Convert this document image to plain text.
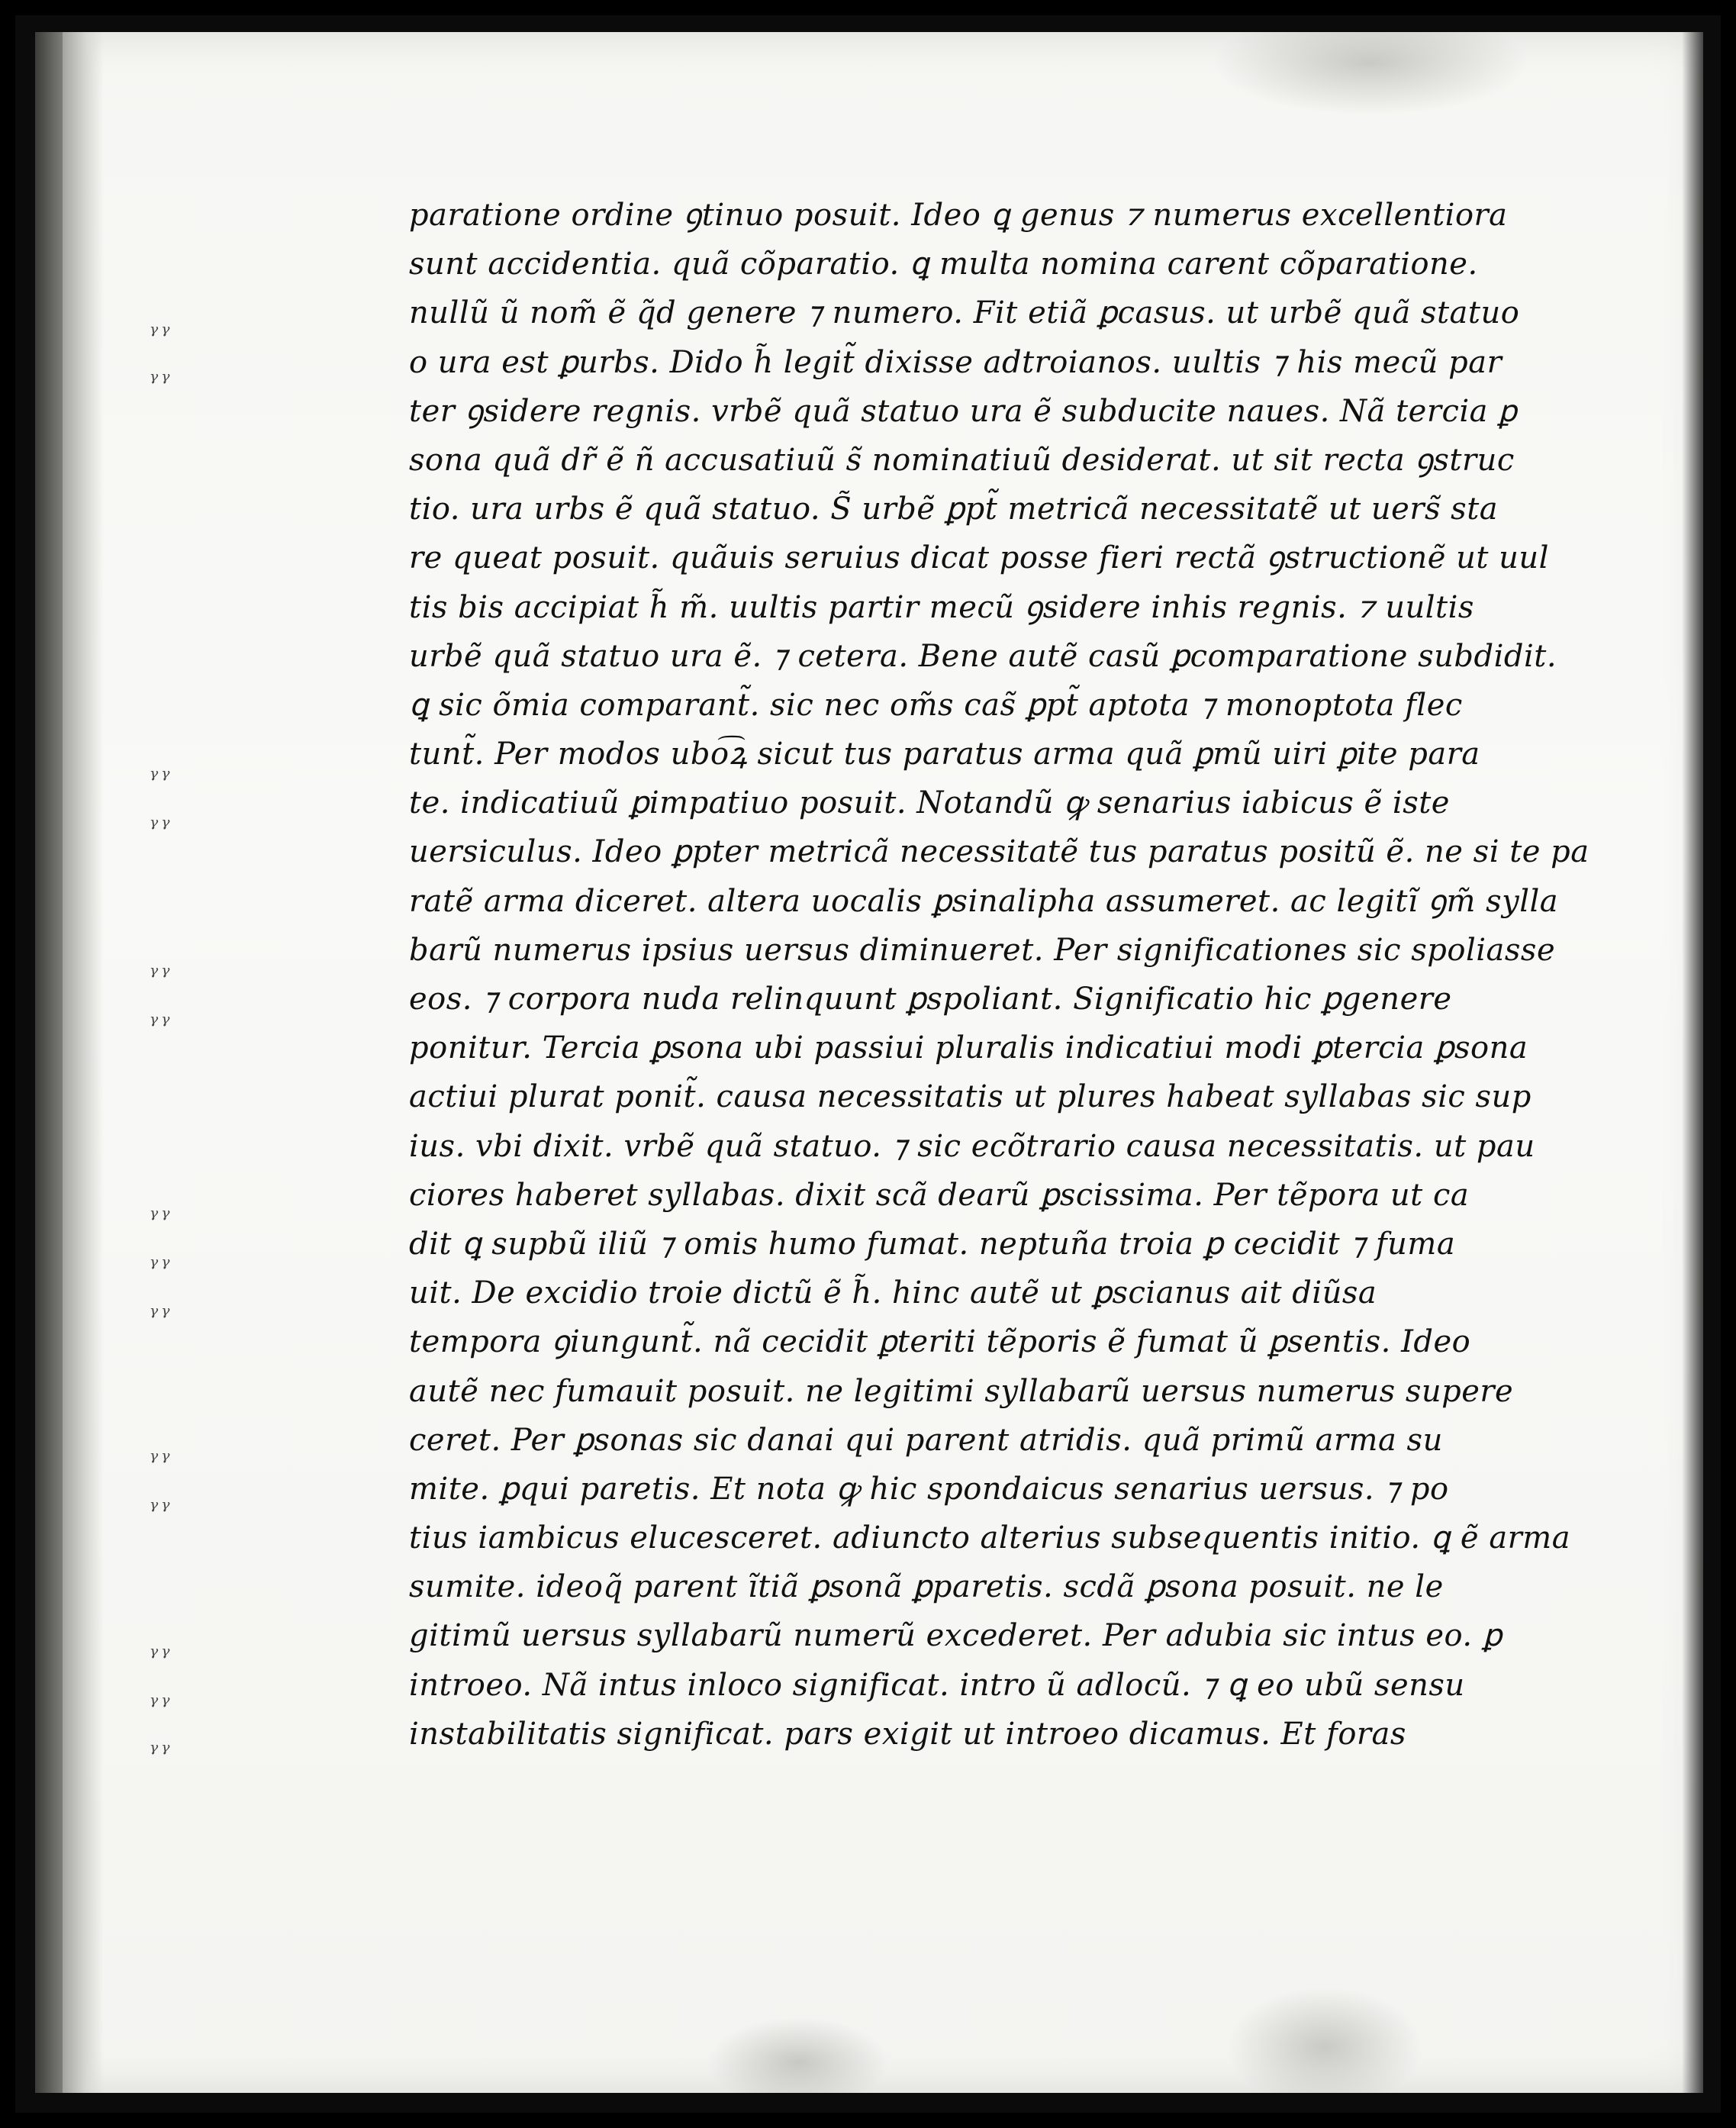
ᵞᵞ
ᵞᵞ
ᵞᵞ
ᵞᵞ
ᵞᵞ
ᵞᵞ
ᵞᵞ
ᵞᵞ
ᵞᵞ
ᵞᵞ
ᵞᵞ
ᵞᵞ
ᵞᵞ
ᵞᵞ
paratione ordine ꝯtinuo posuit. Ideo ꝗ genus ⁊ numerus excellentiora
sunt accidentia. quã cõparatio. ꝗ multa nomina carent cõparatione.
nullũ ũ nom̃ ẽ q̃d genere ⁊ numero. Fit etiã ꝑcasus. ut urbẽ quã statuo
o ura est ꝑurbs. Dido h̃ legit̃ dixisse adtroianos. uultis ⁊ his mecũ par
ter ꝯsidere regnis. vrbẽ quã statuo ura ẽ subducite naues. Nã tercia ꝑ
sona quã dr̃ ẽ ñ accusatiuũ s̃ nominatiuũ desiderat. ut sit recta ꝯstruc
tio. ura urbs ẽ quã statuo. S̃ urbẽ ꝑpt̃ metricã necessitatẽ ut uers̃ sta
re queat posuit. quãuis seruius dicat posse fieri rectã ꝯstructionẽ ut uul
tis bis accipiat h̃ m̃. uultis partir mecũ ꝯsidere inhis regnis. ⁊ uultis
urbẽ quã statuo ura ẽ. ⁊ cetera. Bene autẽ casũ ꝑcomparatione subdidit.
ꝗ sic õmia comparant̃. sic nec om̃s cas̃ ꝑpt̃ aptota ⁊ monoptota flec
tunt̃. Per modos ubo͡ꝝ sicut tus paratus arma quã ꝑmũ uiri ꝑite para
te. indicatiuũ ꝑimpatiuo posuit. Notandũ ꝙ senarius iabicus ẽ iste
uersiculus. Ideo ꝑpter metricã necessitatẽ tus paratus positũ ẽ. ne si te pa
ratẽ arma diceret. altera uocalis ꝑsinalipha assumeret. ac legitĩ ꝯm̃ sylla
barũ numerus ipsius uersus diminueret. Per significationes sic spoliasse
eos. ⁊ corpora nuda relinquunt ꝑspoliant. Significatio hic ꝑgenere
ponitur. Tercia ꝑsona ubi passiui pluralis indicatiui modi ꝑtercia ꝑsona
actiui plurat ponit̃. causa necessitatis ut plures habeat syllabas sic sup
ius. vbi dixit. vrbẽ quã statuo. ⁊ sic ecõtrario causa necessitatis. ut pau
ciores haberet syllabas. dixit scã dearũ ꝑscissima. Per tẽpora ut ca
dit ꝗ supbũ iliũ ⁊ omis humo fumat. neptuña troia ꝑ cecidit ⁊ fuma
uit. De excidio troie dictũ ẽ h̃. hinc autẽ ut ꝑscianus ait diũsa
tempora ꝯiungunt̃. nã cecidit ꝑteriti tẽporis ẽ fumat ũ ꝑsentis. Ideo
autẽ nec fumauit posuit. ne legitimi syllabarũ uersus numerus supere
ceret. Per ꝑsonas sic danai qui parent atridis. quã primũ arma su
mite. ꝑqui paretis. Et nota ꝙ hic spondaicus senarius uersus. ⁊ po
tius iambicus elucesceret. adiuncto alterius subsequentis initio. ꝗ ẽ arma
sumite. ideoq̃ parent ĩtiã ꝑsonã ꝑparetis. scdã ꝑsona posuit. ne le
gitimũ uersus syllabarũ numerũ excederet. Per adubia sic intus eo. ꝑ
introeo. Nã intus inloco significat. intro ũ adlocũ. ⁊ ꝗ eo ubũ sensu
instabilitatis significat. pars exigit ut introeo dicamus. Et foras
